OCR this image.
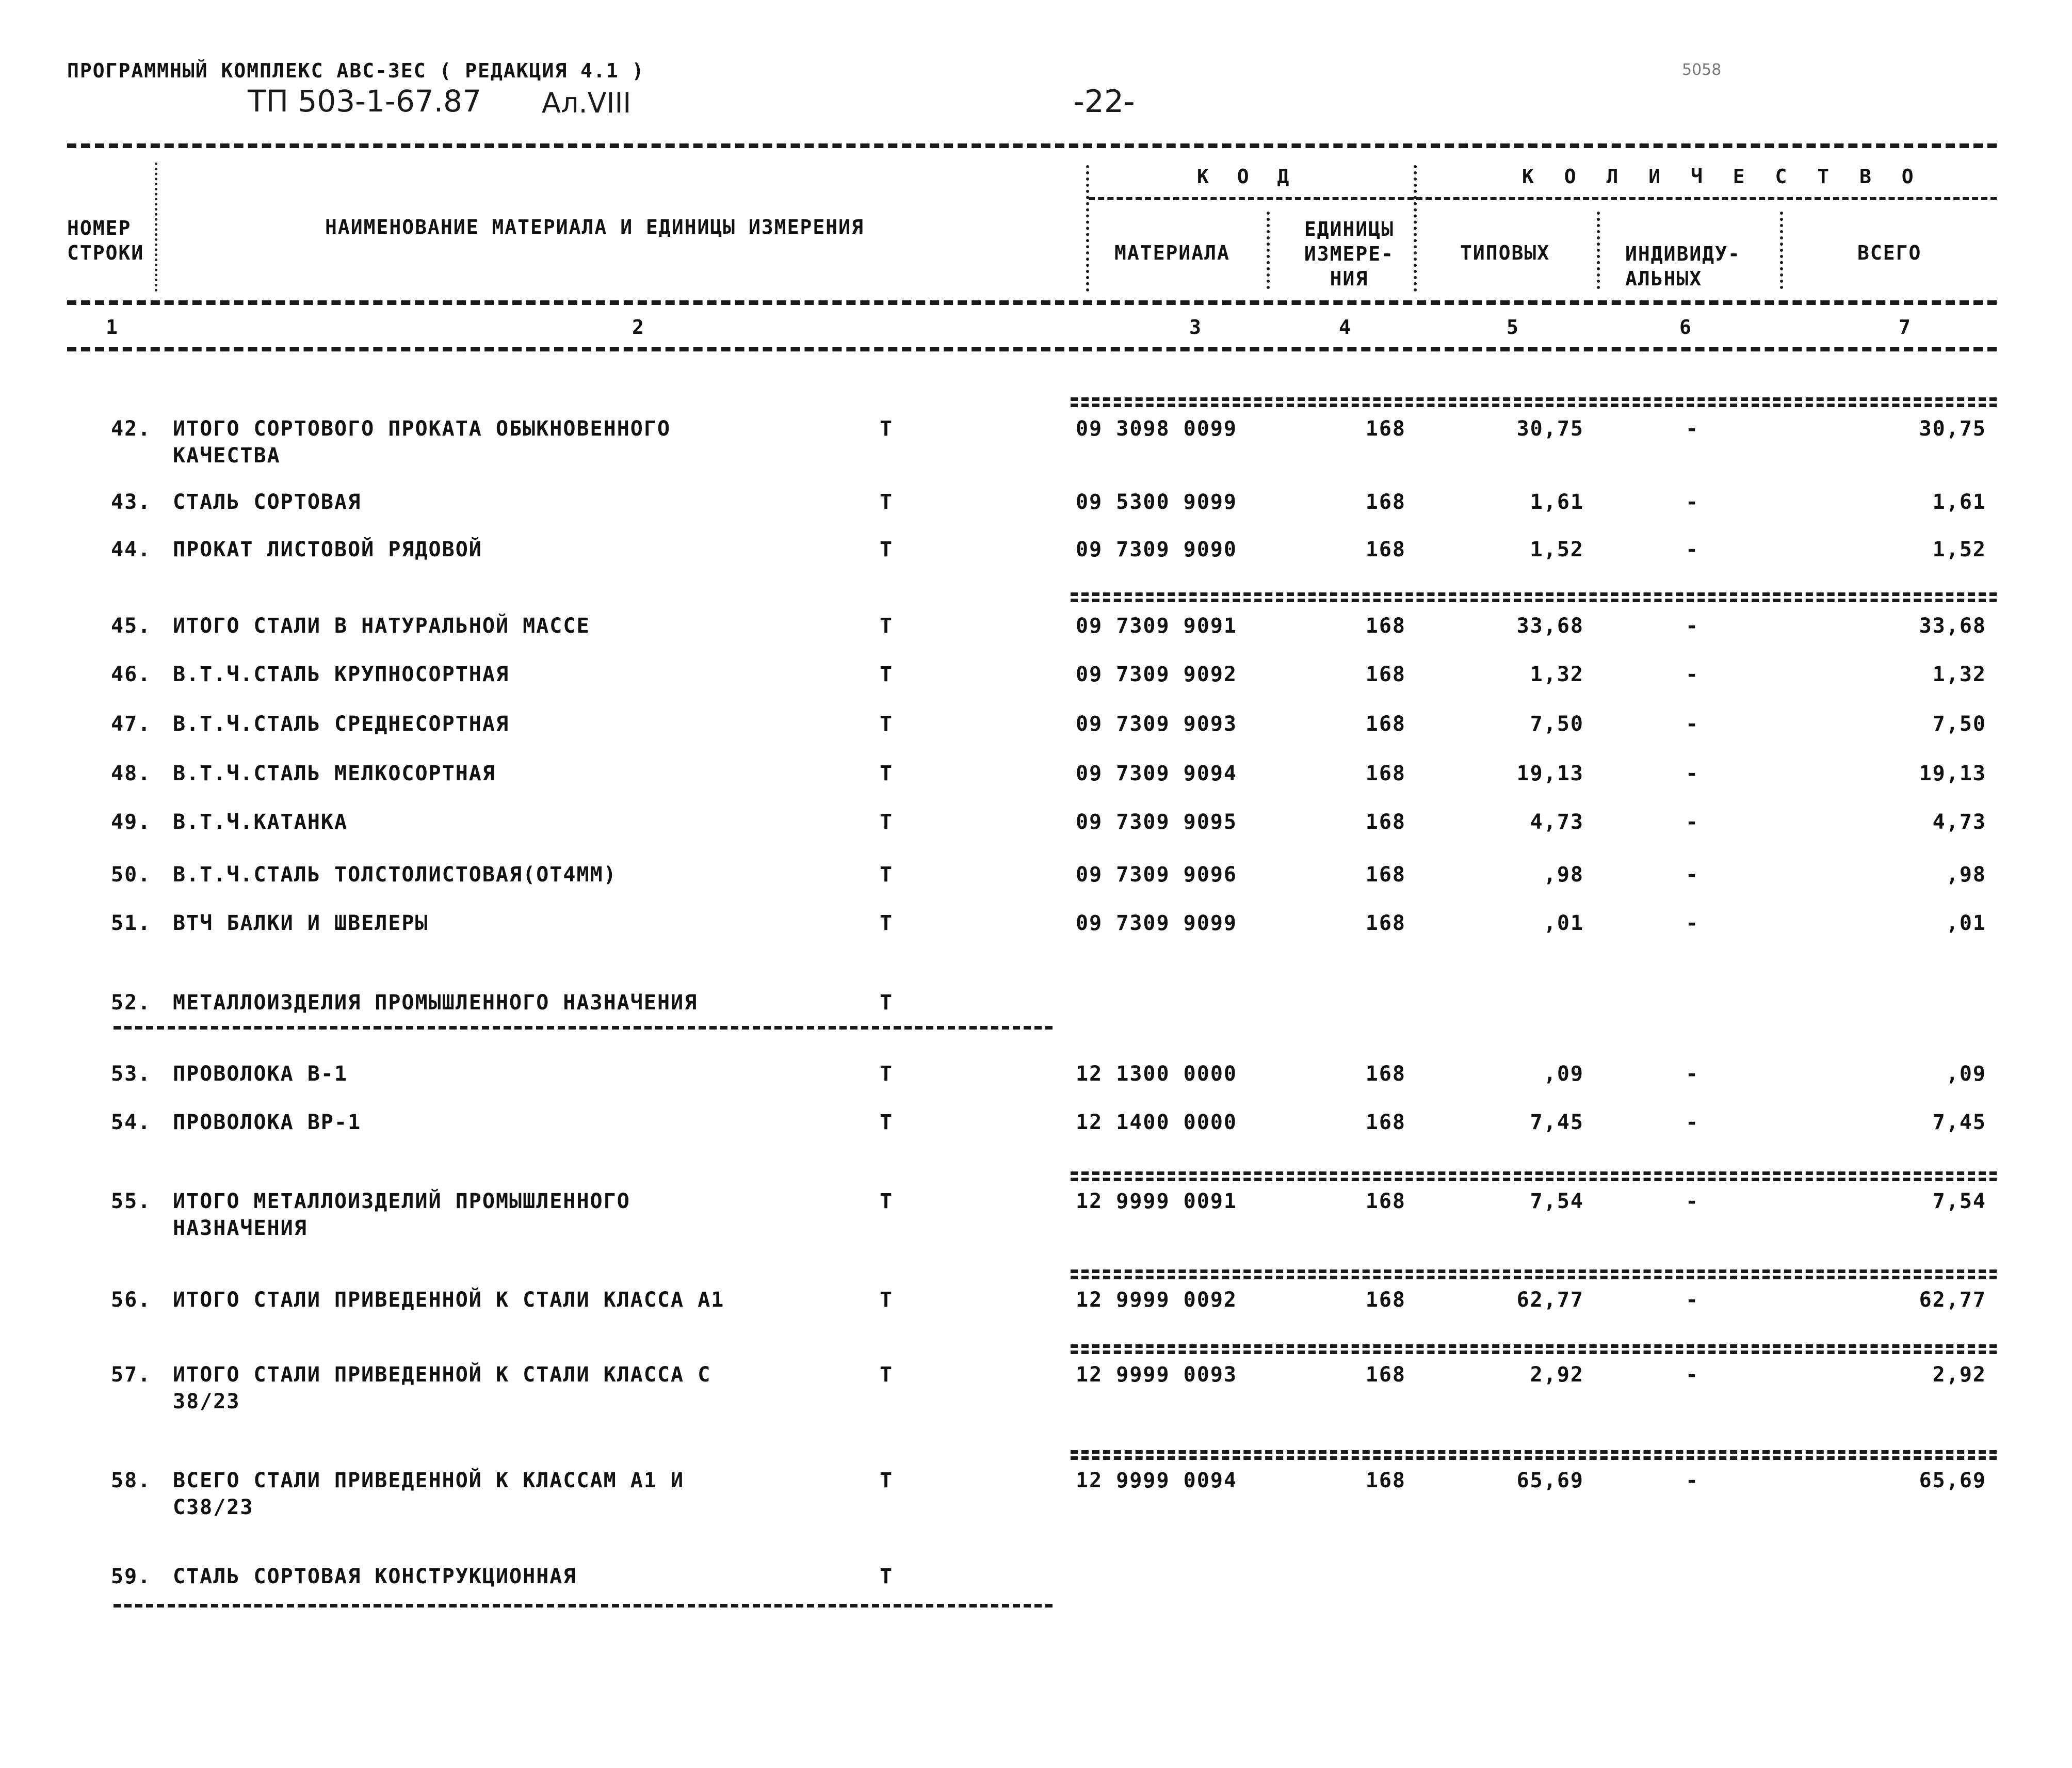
ПРОГРАММНЫЙ КОМПЛЕКС АВС-ЗЕС ( РЕДАКЦИЯ 4.1 )
ТП 503-1-67.87 Ал.VIII	-22-
5058
НОМЕР СТРОКИ
НАИМЕНОВАНИЕ МАТЕРИАЛА И ЕДИНИЦЫ ИЗМЕРЕНИЯ
К О Д	К О Л И Ч Е С Т В О
МАТЕРИАЛА
ЕДИНИЦЫ ИЗМЕРЕ- НИЯ
ТИПОВЫХ	ИНДИВИДУ- АЛЬНЫХ
ВСЕГО
1	2	3	4	5	6	7
42.	ИТОГО СОРТОВОГО ПРОКАТА ОБЫКНОВЕННОГО	Т	09 3098 0099	168	30,75	-	30,75
КАЧЕСТВА
43.	СТАЛЬ СОРТОВАЯ	Т	09 5300 9099	168	1,61	-	1,61
44.	ПРОКАТ ЛИСТОВОЙ РЯДОВОЙ	Т	09 7309 9090	168	1,52	-	1,52
45.	ИТОГО СТАЛИ В НАТУРАЛЬНОЙ МАССЕ	Т	09 7309 9091	168	33,68	-	33,68
46.	В.Т.Ч.СТАЛЬ КРУПНОСОРТНАЯ	Т	09 7309 9092	168	1,32	-	1,32
47.	В.Т.Ч.СТАЛЬ СРЕДНЕСОРТНАЯ	Т	09 7309 9093	168	7,50	-	7,50
48.	В.Т.Ч.СТАЛЬ МЕЛКОСОРТНАЯ	Т	09 7309 9094	168	19,13	-	19,13
49.	В.Т.Ч.КАТАНКА	Т	09 7309 9095	168	4,73	-	4,73
50.	В.Т.Ч.СТАЛЬ ТОЛСТОЛИСТОВАЯ(ОТ4ММ)	Т	09 7309 9096	168	,98	-	,98
51.	ВТЧ БАЛКИ И ШВЕЛЕРЫ	Т	09 7309 9099	168	,01	-	,01
52.	МЕТАЛЛОИЗДЕЛИЯ ПРОМЫШЛЕННОГО НАЗНАЧЕНИЯ	Т
53.	ПРОВОЛОКА В-1	Т	12 1300 0000	168	,09	-	,09
54.	ПРОВОЛОКА ВР-1	Т	12 1400 0000	168	7,45	-	7,45
55.	ИТОГО МЕТАЛЛОИЗДЕЛИЙ ПРОМЫШЛЕННОГО	Т	12 9999 0091	168	7,54	-	7,54
НАЗНАЧЕНИЯ
56.	ИТОГО СТАЛИ ПРИВЕДЕННОЙ К СТАЛИ КЛАССА А1	Т	12 9999 0092	168	62,77	-	62,77
57.	ИТОГО СТАЛИ ПРИВЕДЕННОЙ К СТАЛИ КЛАССА С	Т	12 9999 0093	168	2,92	-	2,92
38/23
58.	ВСЕГО СТАЛИ ПРИВЕДЕННОЙ К КЛАССАМ А1 И	Т	12 9999 0094	168	65,69	-	65,69
С38/23
59.	СТАЛЬ СОРТОВАЯ КОНСТРУКЦИОННАЯ	Т
